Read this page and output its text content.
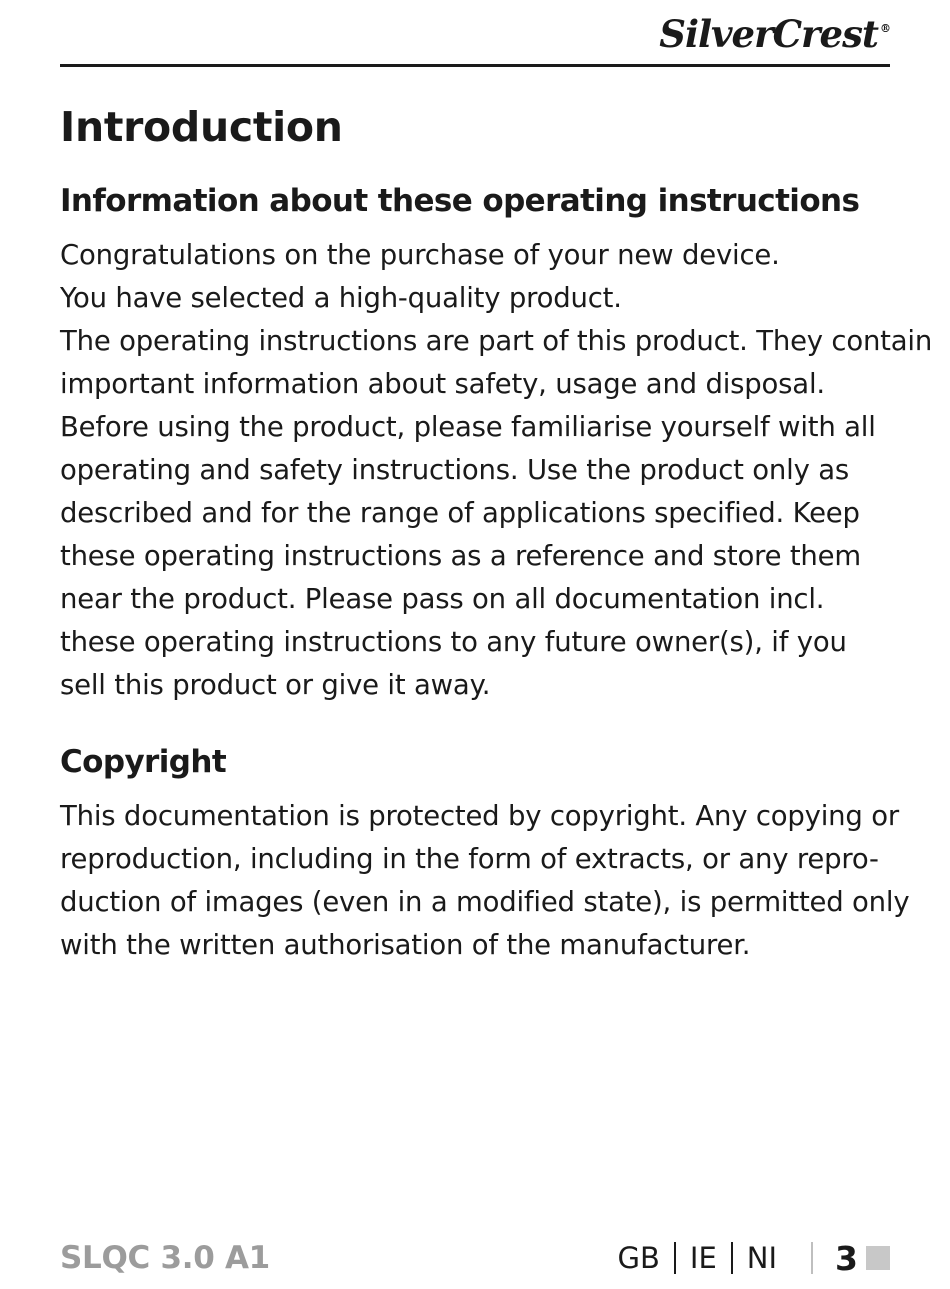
SilverCrest ®
Introduction
Information about these operating instructions
Congratulations on the purchase of your new device.
You have selected a high-quality product.
The operating instructions are part of this product. They contain
important information about safety, usage and disposal.
Before using the product, please familiarise yourself with all
operating and safety instructions. Use the product only as
described and for the range of applications specified. Keep
these operating instructions as a reference and store them
near the product. Please pass on all documentation incl.
these operating instructions to any future owner(s), if you
sell this product or give it away.
Copyright
This documentation is protected by copyright. Any copying or
reproduction, including in the form of extracts, or any repro-
duction of images (even in a modified state), is permitted only
with the written authorisation of the manufacturer.
SLQC 3.0 A1	GB IE NI 3
